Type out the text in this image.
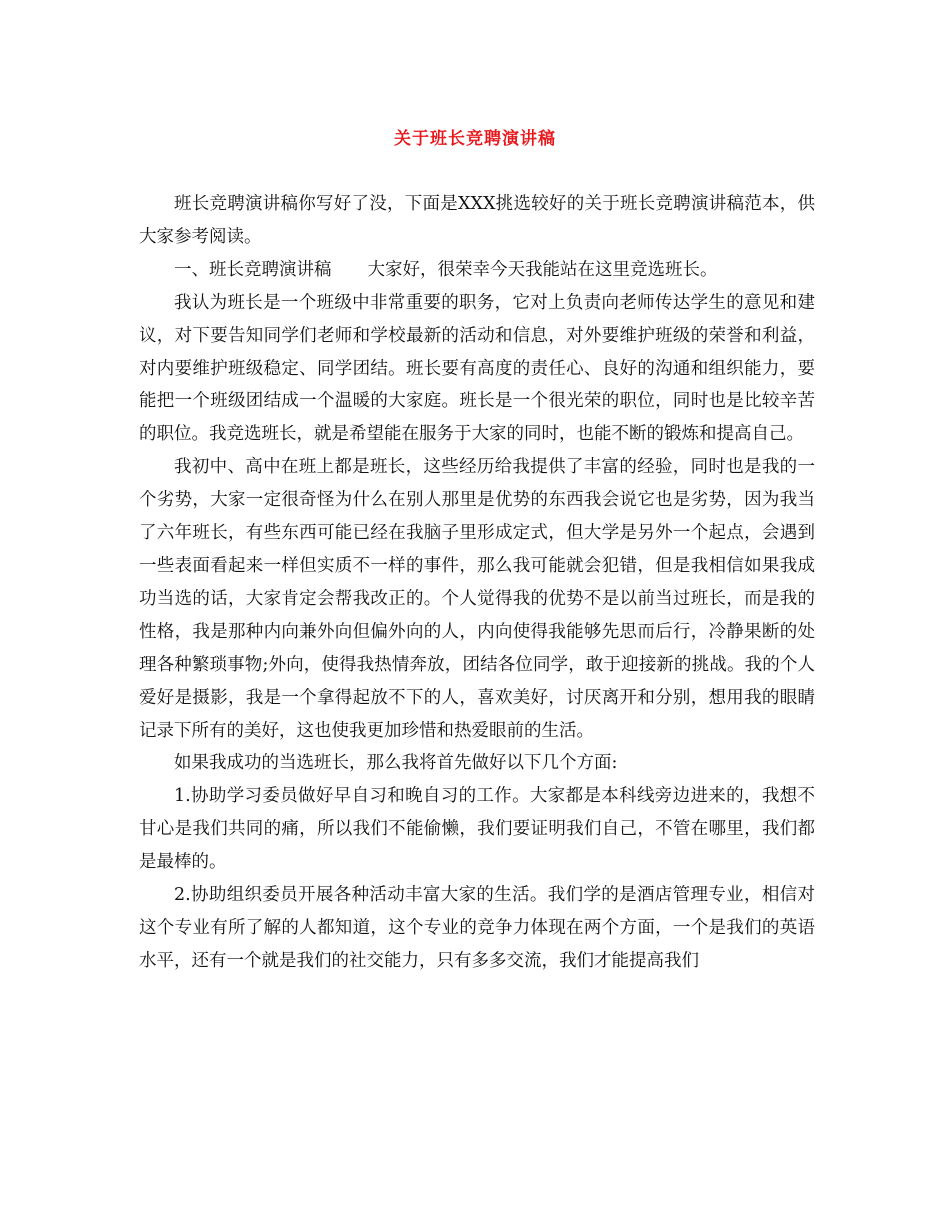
关于班长竞聘演讲稿

班长竞聘演讲稿你写好了没，下面是XXX挑选较好的关于班长竞聘演讲稿范本，供大家参考阅读。

一、班长竞聘演讲稿 大家好，很荣幸今天我能站在这里竞选班长。

我认为班长是一个班级中非常重要的职务，它对上负责向老师传达学生的意见和建议，对下要告知同学们老师和学校最新的活动和信息，对外要维护班级的荣誉和利益，对内要维护班级稳定、同学团结。班长要有高度的责任心、良好的沟通和组织能力，要能把一个班级团结成一个温暖的大家庭。班长是一个很光荣的职位，同时也是比较辛苦的职位。我竞选班长，就是希望能在服务于大家的同时，也能不断的锻炼和提高自己。

我初中、高中在班上都是班长，这些经历给我提供了丰富的经验，同时也是我的一个劣势，大家一定很奇怪为什么在别人那里是优势的东西我会说它也是劣势，因为我当了六年班长，有些东西可能已经在我脑子里形成定式，但大学是另外一个起点，会遇到一些表面看起来一样但实质不一样的事件，那么我可能就会犯错，但是我相信如果我成功当选的话，大家肯定会帮我改正的。个人觉得我的优势不是以前当过班长，而是我的性格，我是那种内向兼外向但偏外向的人，内向使得我能够先思而后行，冷静果断的处理各种繁琐事物;外向，使得我热情奔放，团结各位同学，敢于迎接新的挑战。我的个人爱好是摄影，我是一个拿得起放不下的人，喜欢美好，讨厌离开和分别，想用我的眼睛记录下所有的美好，这也使我更加珍惜和热爱眼前的生活。

如果我成功的当选班长，那么我将首先做好以下几个方面:

1.协助学习委员做好早自习和晚自习的工作。大家都是本科线旁边进来的，我想不甘心是我们共同的痛，所以我们不能偷懒，我们要证明我们自己，不管在哪里，我们都是最棒的。

2.协助组织委员开展各种活动丰富大家的生活。我们学的是酒店管理专业，相信对这个专业有所了解的人都知道，这个专业的竞争力体现在两个方面，一个是我们的英语水平，还有一个就是我们的社交能力，只有多多交流，我们才能提高我们
